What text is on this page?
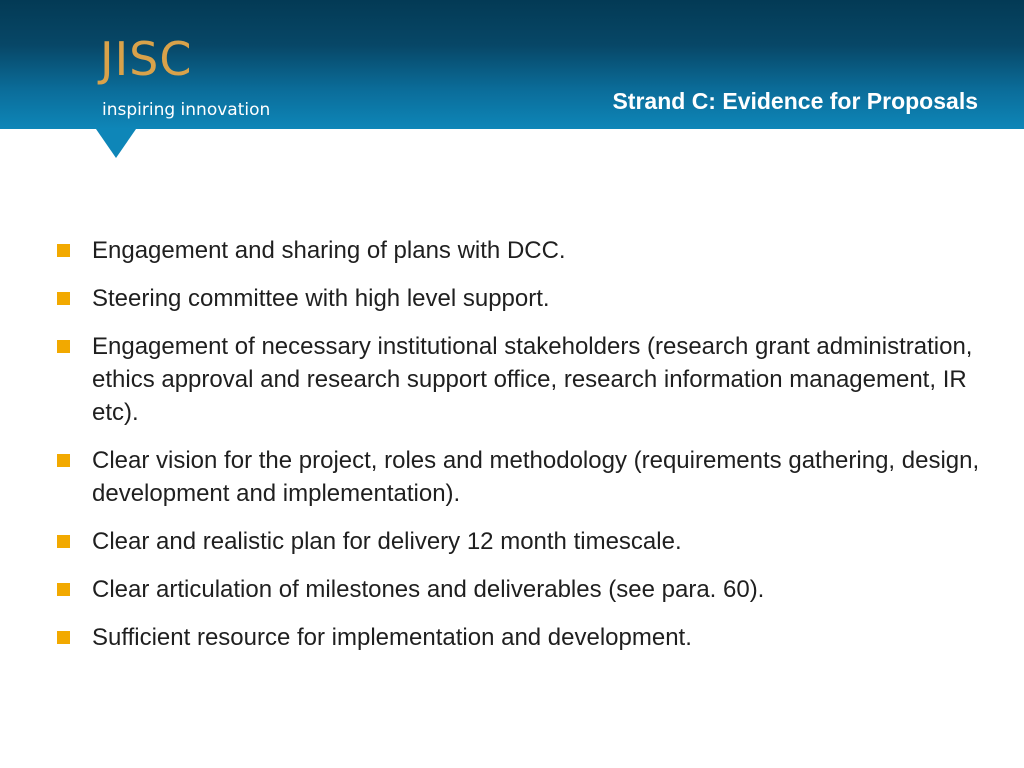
JISC
inspiring innovation	Strand C: Evidence for Proposals
Engagement and sharing of plans with DCC.
Steering committee with high level support.
Engagement of necessary institutional stakeholders (research grant administration, ethics approval and research support office, research information management, IR etc).
Clear vision for the project, roles and methodology (requirements gathering, design, development and implementation).
Clear and realistic plan for delivery 12 month timescale.
Clear articulation of milestones and deliverables (see para. 60).
Sufficient resource for implementation and development.
